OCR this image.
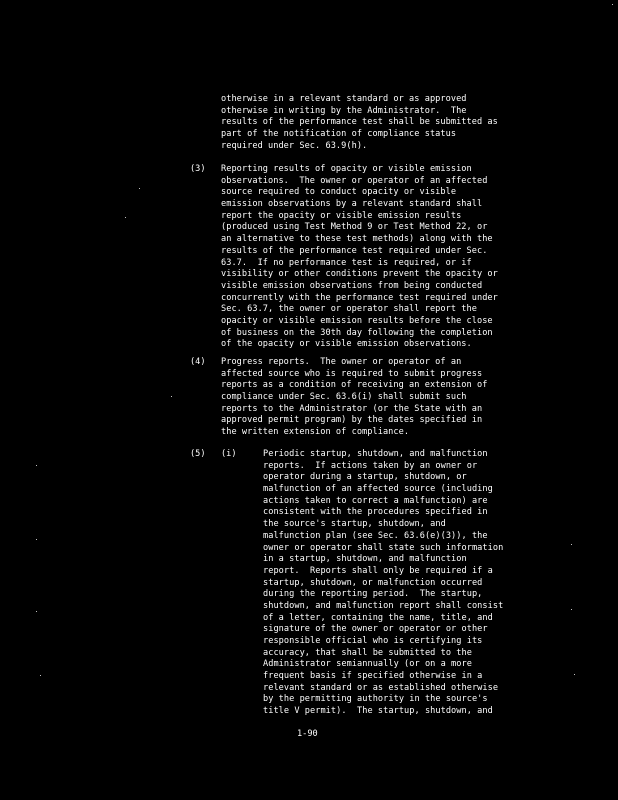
otherwise in a relevant standard or as approved
otherwise in writing by the Administrator.  The
results of the performance test shall be submitted as
part of the notification of compliance status
required under Sec. 63.9(h).
(3) Reporting results of opacity or visible emission
observations.  The owner or operator of an affected
source required to conduct opacity or visible
emission observations by a relevant standard shall
report the opacity or visible emission results
(produced using Test Method 9 or Test Method 22, or
an alternative to these test methods) along with the
results of the performance test required under Sec.
63.7.  If no performance test is required, or if
visibility or other conditions prevent the opacity or
visible emission observations from being conducted
concurrently with the performance test required under
Sec. 63.7, the owner or operator shall report the
opacity or visible emission results before the close
of business on the 30th day following the completion
of the opacity or visible emission observations.
(4) Progress reports.  The owner or operator of an
affected source who is required to submit progress
reports as a condition of receiving an extension of
compliance under Sec. 63.6(i) shall submit such
reports to the Administrator (or the State with an
approved permit program) by the dates specified in
the written extension of compliance.
(5) (i)	Periodic startup, shutdown, and malfunction
reports.  If actions taken by an owner or
operator during a startup, shutdown, or
malfunction of an affected source (including
actions taken to correct a malfunction) are
consistent with the procedures specified in
the source's startup, shutdown, and
malfunction plan (see Sec. 63.6(e)(3)), the
owner or operator shall state such information
in a startup, shutdown, and malfunction
report.  Reports shall only be required if a
startup, shutdown, or malfunction occurred
during the reporting period.  The startup,
shutdown, and malfunction report shall consist
of a letter, containing the name, title, and
signature of the owner or operator or other
responsible official who is certifying its
accuracy, that shall be submitted to the
Administrator semiannually (or on a more
frequent basis if specified otherwise in a
relevant standard or as established otherwise
by the permitting authority in the source's
title V permit).  The startup, shutdown, and
1-90
